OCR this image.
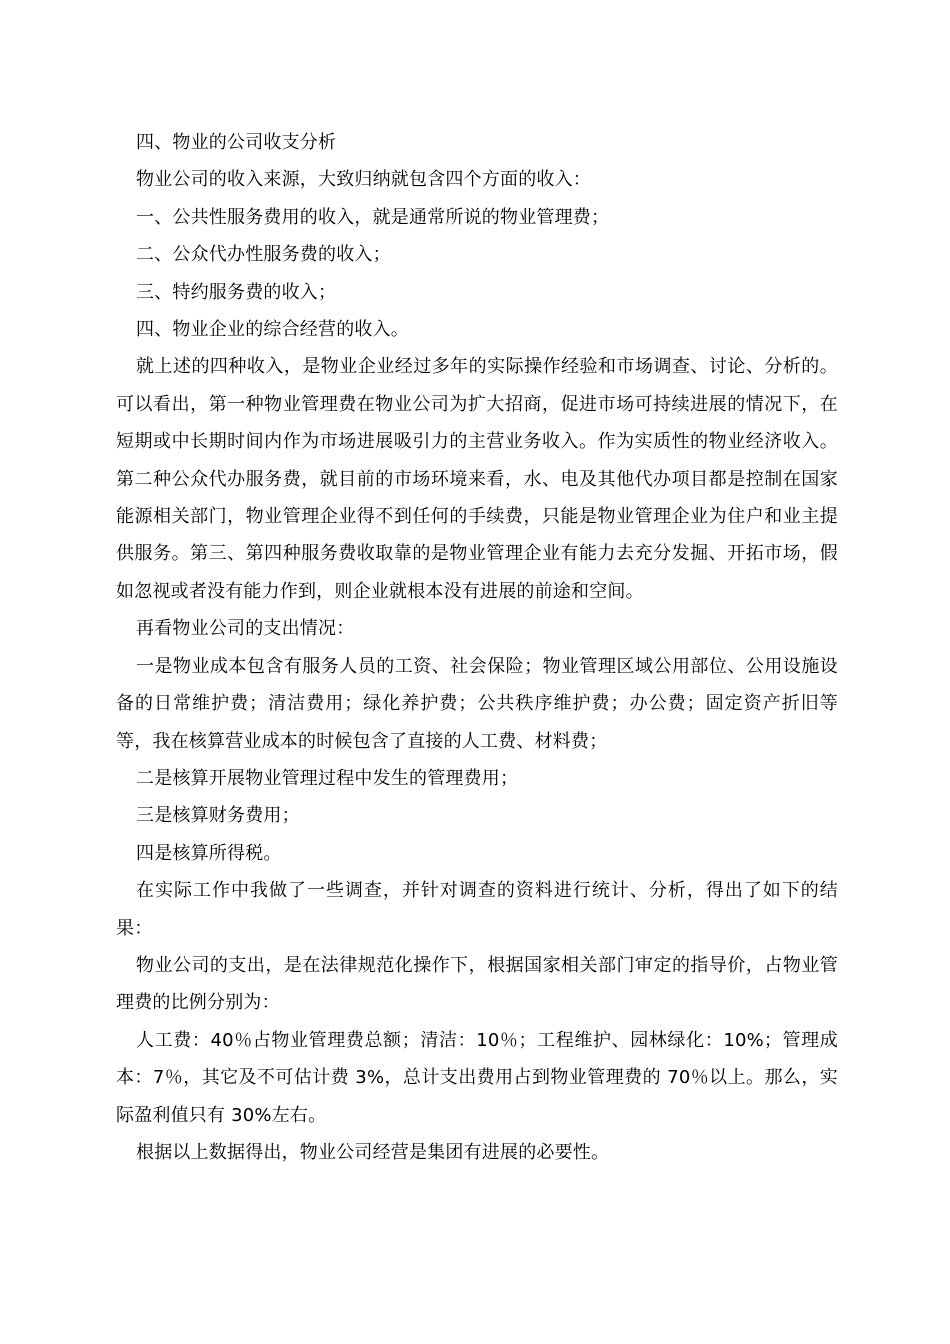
四、物业的公司收支分析

物业公司的收入来源，大致归纳就包含四个方面的收入：

一、公共性服务费用的收入，就是通常所说的物业管理费；

二、公众代办性服务费的收入；

三、特约服务费的收入；

四、物业企业的综合经营的收入。

就上述的四种收入，是物业企业经过多年的实际操作经验和市场调查、讨论、分析的。可以看出，第一种物业管理费在物业公司为扩大招商，促进市场可持续进展的情况下，在短期或中长期时间内作为市场进展吸引力的主营业务收入。作为实质性的物业经济收入。第二种公众代办服务费，就目前的市场环境来看，水、电及其他代办项目都是控制在国家能源相关部门，物业管理企业得不到任何的手续费，只能是物业管理企业为住户和业主提供服务。第三、第四种服务费收取靠的是物业管理企业有能力去充分发掘、开拓市场，假如忽视或者没有能力作到，则企业就根本没有进展的前途和空间。

再看物业公司的支出情况：

一是物业成本包含有服务人员的工资、社会保险；物业管理区域公用部位、公用设施设备的日常维护费；清洁费用；绿化养护费；公共秩序维护费；办公费；固定资产折旧等等，我在核算营业成本的时候包含了直接的人工费、材料费；

二是核算开展物业管理过程中发生的管理费用；

三是核算财务费用；

四是核算所得税。

在实际工作中我做了一些调查，并针对调查的资料进行统计、分析，得出了如下的结果：

物业公司的支出，是在法律规范化操作下，根据国家相关部门审定的指导价，占物业管理费的比例分别为：

人工费：40％占物业管理费总额；清洁：10％；工程维护、园林绿化：10%；管理成本：7％，其它及不可估计费 3%，总计支出费用占到物业管理费的 70％以上。那么，实际盈利值只有 30%左右。

根据以上数据得出，物业公司经营是集团有进展的必要性。
